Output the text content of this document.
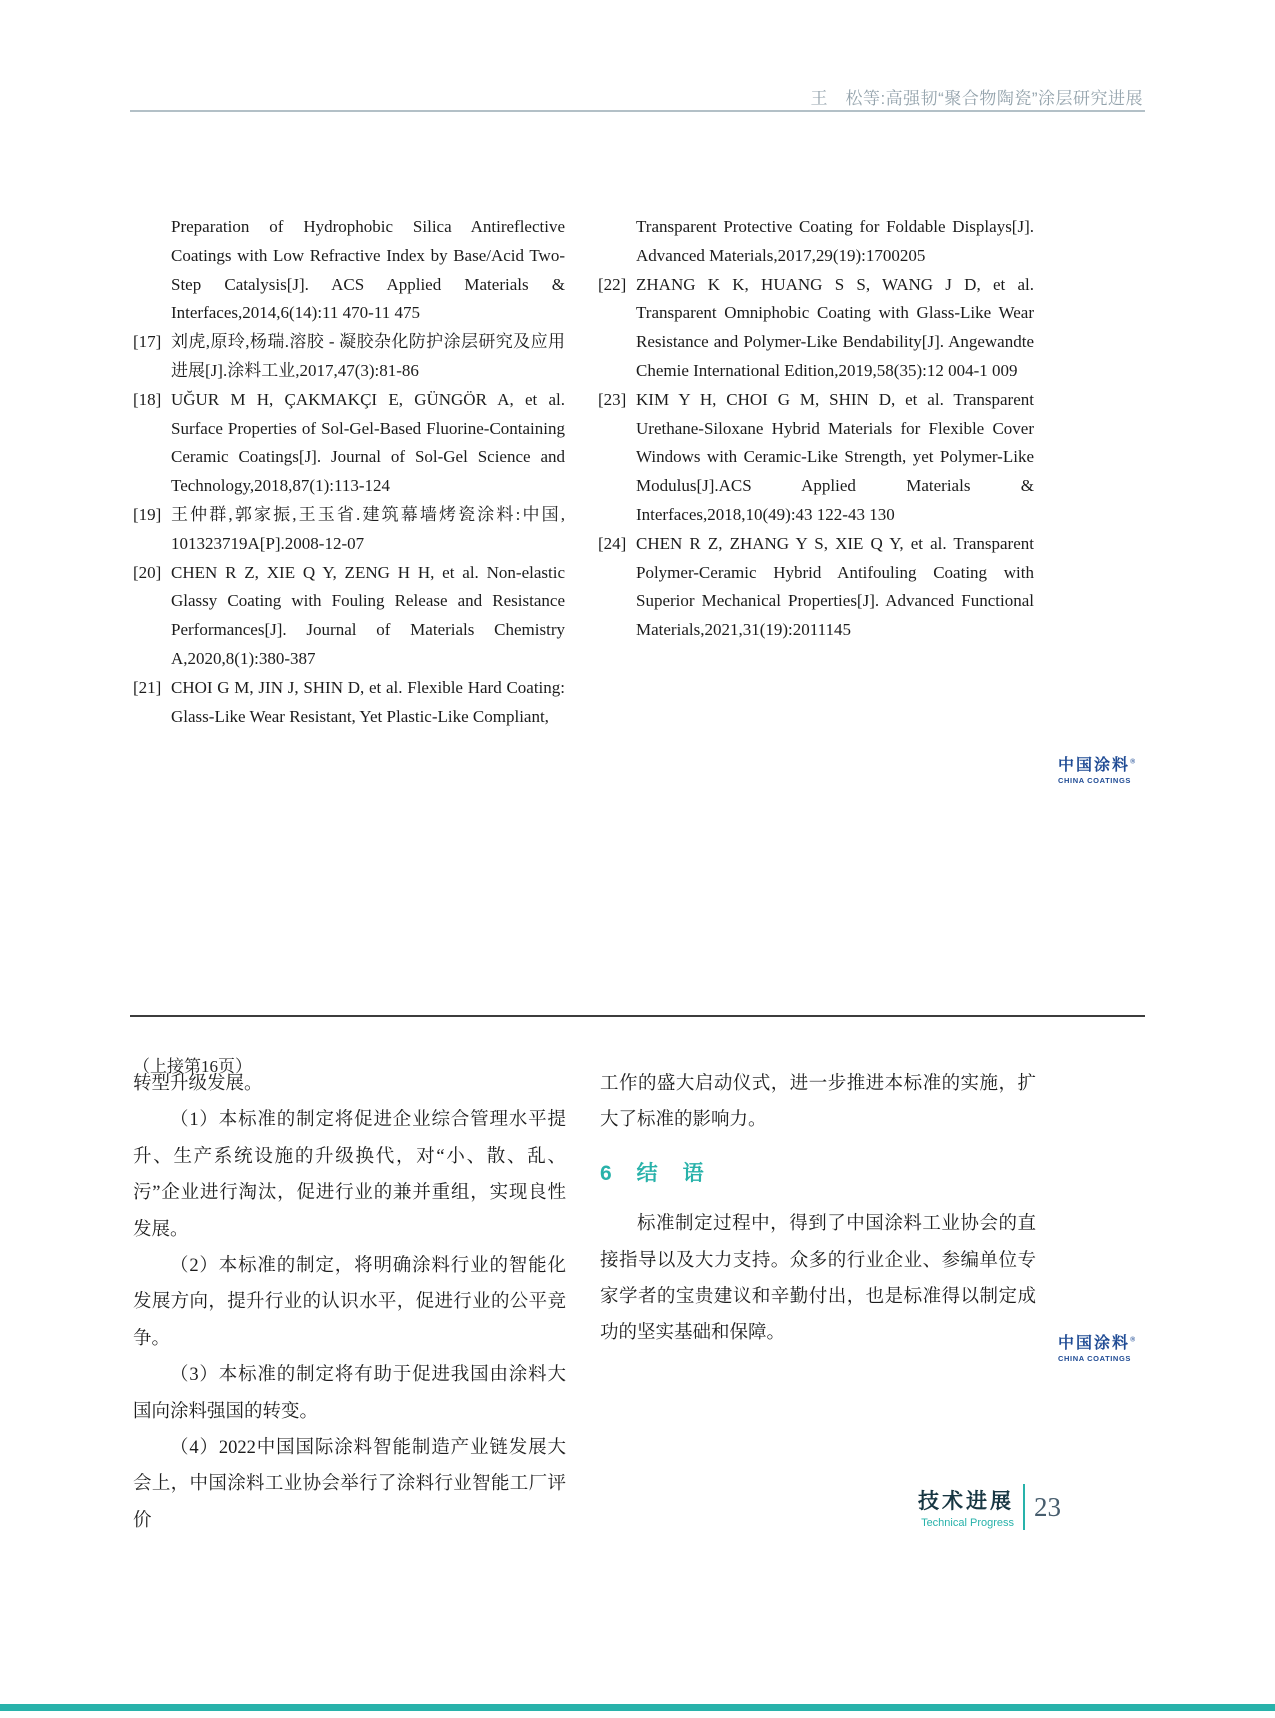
王　松等:高强韧“聚合物陶瓷”涂层研究进展
Preparation of Hydrophobic Silica Antireflective Coatings with Low Refractive Index by Base/Acid Two-Step Catalysis[J]. ACS Applied Materials & Interfaces,2014,6(14):11 470-11 475
[17] 刘虎,原玲,杨瑞.溶胶 - 凝胶杂化防护涂层研究及应用进展[J].涂料工业,2017,47(3):81-86
[18] UĞUR M H, ÇAKMAKÇI E, GÜNGÖR A, et al. Surface Properties of Sol-Gel-Based Fluorine-Containing Ceramic Coatings[J]. Journal of Sol-Gel Science and Technology,2018,87(1):113-124
[19] 王仲群,郭家振,王玉省.建筑幕墙烤瓷涂料:中国, 101323719A[P].2008-12-07
[20] CHEN R Z, XIE Q Y, ZENG H H, et al. Non-elastic Glassy Coating with Fouling Release and Resistance Performances[J]. Journal of Materials Chemistry A,2020,8(1):380-387
[21] CHOI G M, JIN J, SHIN D, et al. Flexible Hard Coating: Glass-Like Wear Resistant, Yet Plastic-Like Compliant,
Transparent Protective Coating for Foldable Displays[J]. Advanced Materials,2017,29(19):1700205
[22] ZHANG K K, HUANG S S, WANG J D, et al. Transparent Omniphobic Coating with Glass-Like Wear Resistance and Polymer-Like Bendability[J]. Angewandte Chemie International Edition,2019,58(35):12 004-1 009
[23] KIM Y H, CHOI G M, SHIN D, et al. Transparent Urethane-Siloxane Hybrid Materials for Flexible Cover Windows with Ceramic-Like Strength, yet Polymer-Like Modulus[J].ACS Applied Materials & Interfaces,2018,10(49):43 122-43 130
[24] CHEN R Z, ZHANG Y S, XIE Q Y, et al. Transparent Polymer-Ceramic Hybrid Antifouling Coating with Superior Mechanical Properties[J]. Advanced Functional Materials,2021,31(19):2011145
中国涂料®
CHINA COATINGS
（上接第16页）

转型升级发展。

（1）本标准的制定将促进企业综合管理水平提升、生产系统设施的升级换代，对“小、散、乱、污”企业进行淘汰，促进行业的兼并重组，实现良性发展。

（2）本标准的制定，将明确涂料行业的智能化发展方向，提升行业的认识水平，促进行业的公平竞争。

（3）本标准的制定将有助于促进我国由涂料大国向涂料强国的转变。

（4）2022中国国际涂料智能制造产业链发展大会上，中国涂料工业协会举行了涂料行业智能工厂评价

工作的盛大启动仪式，进一步推进本标准的实施，扩大了标准的影响力。

6　结　语

标准制定过程中，得到了中国涂料工业协会的直接指导以及大力支持。众多的行业企业、参编单位专家学者的宝贵建议和辛勤付出，也是标准得以制定成功的坚实基础和保障。

中国涂料®
CHINA COATINGS
技术进展
Technical Progress
23
